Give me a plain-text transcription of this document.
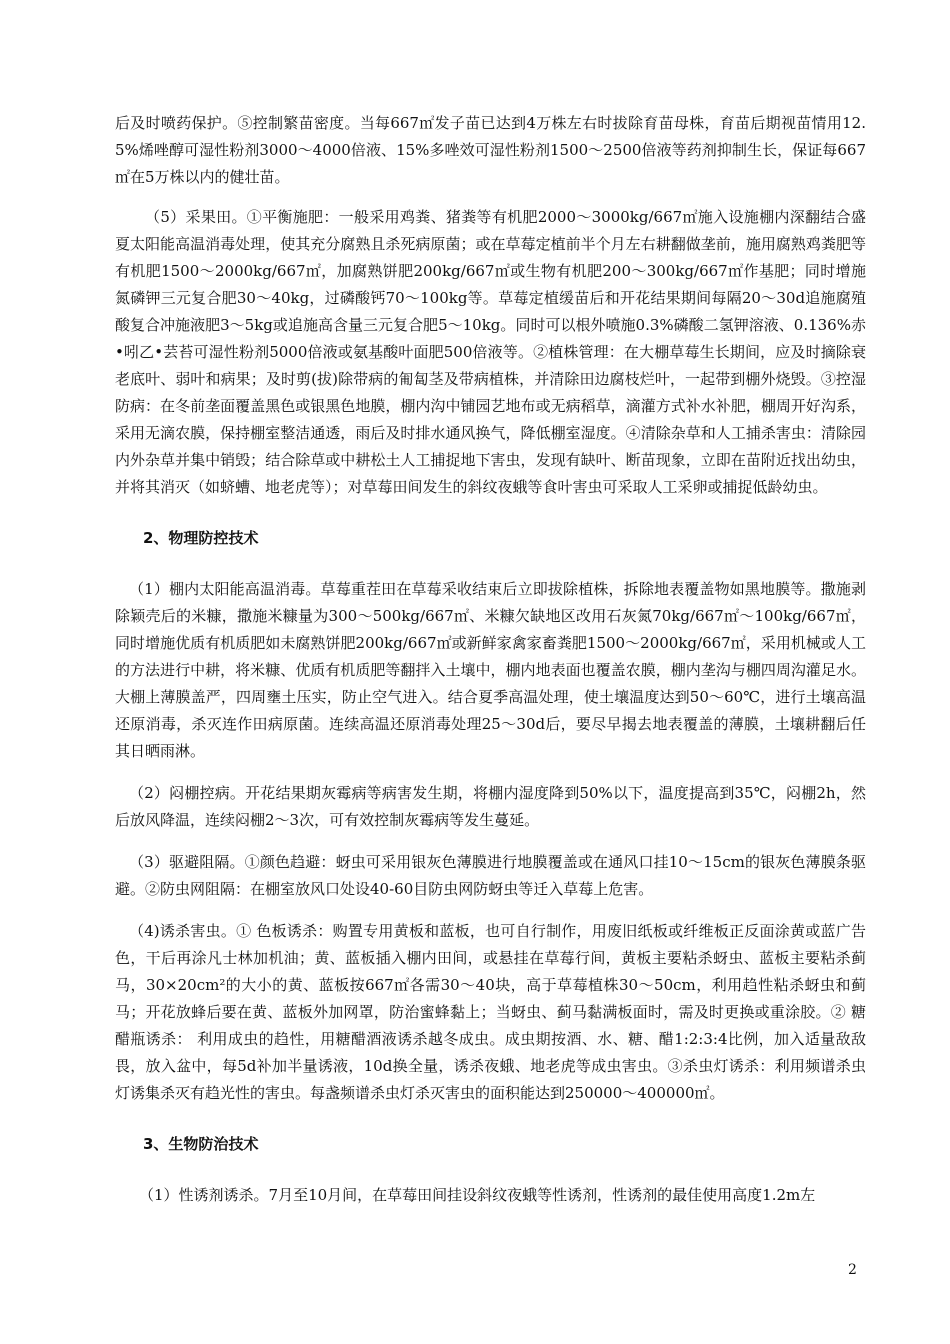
后及时喷药保护。⑤控制繁苗密度。当每667㎡发子苗已达到4万株左右时拔除育苗母株，育苗后期视苗情用12.5%烯唑醇可湿性粉剂3000～4000倍液、15%多唑效可湿性粉剂1500～2500倍液等药剂抑制生长，保证每667㎡在5万株以内的健壮苗。

（5）采果田。①平衡施肥：一般采用鸡粪、猪粪等有机肥2000～3000kg/667㎡施入设施棚内深翻结合盛夏太阳能高温消毒处理，使其充分腐熟且杀死病原菌；或在草莓定植前半个月左右耕翻做垄前，施用腐熟鸡粪肥等有机肥1500～2000kg/667㎡，加腐熟饼肥200kg/667㎡或生物有机肥200～300kg/667㎡作基肥；同时增施氮磷钾三元复合肥30～40kg，过磷酸钙70～100kg等。草莓定植缓苗后和开花结果期间每隔20～30d追施腐殖酸复合冲施液肥3～5kg或追施高含量三元复合肥5～10kg。同时可以根外喷施0.3%磷酸二氢钾溶液、0.136%赤•吲乙•芸苔可湿性粉剂5000倍液或氨基酸叶面肥500倍液等。②植株管理：在大棚草莓生长期间，应及时摘除衰老底叶、弱叶和病果；及时剪(拔)除带病的匍匐茎及带病植株，并清除田边腐枝烂叶，一起带到棚外烧毁。③控湿防病：在冬前垄面覆盖黑色或银黑色地膜，棚内沟中铺园艺地布或无病稻草，滴灌方式补水补肥，棚周开好沟系，采用无滴农膜，保持棚室整洁通透，雨后及时排水通风换气，降低棚室湿度。④清除杂草和人工捕杀害虫：清除园内外杂草并集中销毁；结合除草或中耕松土人工捕捉地下害虫，发现有缺叶、断苗现象，立即在苗附近找出幼虫，并将其消灭（如蛴螬、地老虎等）；对草莓田间发生的斜纹夜蛾等食叶害虫可采取人工采卵或捕捉低龄幼虫。

2、物理防控技术

（1）棚内太阳能高温消毒。草莓重茬田在草莓采收结束后立即拔除植株，拆除地表覆盖物如黑地膜等。撒施剥除颖壳后的米糠，撒施米糠量为300～500kg/667㎡、米糠欠缺地区改用石灰氮70kg/667㎡～100kg/667㎡，同时增施优质有机质肥如未腐熟饼肥200kg/667㎡或新鲜家禽家畜粪肥1500～2000kg/667㎡，采用机械或人工的方法进行中耕，将米糠、优质有机质肥等翻拌入土壤中，棚内地表面也覆盖农膜，棚内垄沟与棚四周沟灌足水。大棚上薄膜盖严，四周壅土压实，防止空气进入。结合夏季高温处理，使土壤温度达到50～60℃，进行土壤高温还原消毒，杀灭连作田病原菌。连续高温还原消毒处理25～30d后，要尽早揭去地表覆盖的薄膜，土壤耕翻后任其日晒雨淋。

（2）闷棚控病。开花结果期灰霉病等病害发生期，将棚内湿度降到50%以下，温度提高到35℃，闷棚2h，然后放风降温，连续闷棚2～3次，可有效控制灰霉病等发生蔓延。

（3）驱避阻隔。①颜色趋避：蚜虫可采用银灰色薄膜进行地膜覆盖或在通风口挂10～15cm的银灰色薄膜条驱避。②防虫网阻隔：在棚室放风口处设40-60目防虫网防蚜虫等迁入草莓上危害。

（4)诱杀害虫。① 色板诱杀：购置专用黄板和蓝板，也可自行制作，用废旧纸板或纤维板正反面涂黄或蓝广告色，干后再涂凡士林加机油；黄、蓝板插入棚内田间，或悬挂在草莓行间，黄板主要粘杀蚜虫、蓝板主要粘杀蓟马，30×20cm²的大小的黄、蓝板按667㎡各需30～40块，高于草莓植株30～50cm，利用趋性粘杀蚜虫和蓟马；开花放蜂后要在黄、蓝板外加网罩，防治蜜蜂黏上；当蚜虫、蓟马黏满板面时，需及时更换或重涂胶。② 糖醋瓶诱杀： 利用成虫的趋性，用糖醋酒液诱杀越冬成虫。成虫期按酒、水、糖、醋1:2:3:4比例，加入适量敌敌畏，放入盆中，每5d补加半量诱液，10d换全量，诱杀夜蛾、地老虎等成虫害虫。③杀虫灯诱杀：利用频谱杀虫灯诱集杀灭有趋光性的害虫。每盏频谱杀虫灯杀灭害虫的面积能达到250000～400000㎡。

3、生物防治技术

（1）性诱剂诱杀。7月至10月间，在草莓田间挂设斜纹夜蛾等性诱剂，性诱剂的最佳使用高度1.2m左

2
